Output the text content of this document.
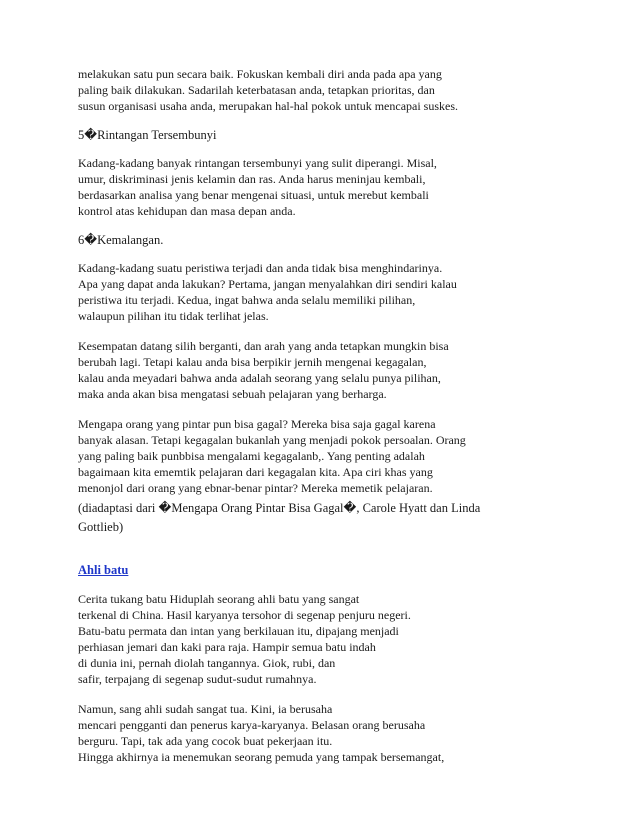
melakukan satu pun secara baik. Fokuskan kembali diri anda pada apa yang
paling baik dilakukan. Sadarilah keterbatasan anda, tetapkan prioritas, dan
susun organisasi usaha anda, merupakan hal-hal pokok untuk mencapai suskes.

5�Rintangan Tersembunyi

Kadang-kadang banyak rintangan tersembunyi yang sulit diperangi. Misal,
umur, diskriminasi jenis kelamin dan ras. Anda harus meninjau kembali,
berdasarkan analisa yang benar mengenai situasi, untuk merebut kembali
kontrol atas kehidupan dan masa depan anda.

6�Kemalangan.

Kadang-kadang suatu peristiwa terjadi dan anda tidak bisa menghindarinya.
Apa yang dapat anda lakukan? Pertama, jangan menyalahkan diri sendiri kalau
peristiwa itu terjadi. Kedua, ingat bahwa anda selalu memiliki pilihan,
walaupun pilihan itu tidak terlihat jelas.

Kesempatan datang silih berganti, dan arah yang anda tetapkan mungkin bisa
berubah lagi. Tetapi kalau anda bisa berpikir jernih mengenai kegagalan,
kalau anda meyadari bahwa anda adalah seorang yang selalu punya pilihan,
maka anda akan bisa mengatasi sebuah pelajaran yang berharga.

Mengapa orang yang pintar pun bisa gagal? Mereka bisa saja gagal karena
banyak alasan. Tetapi kegagalan bukanlah yang menjadi pokok persoalan. Orang
yang paling baik punbbisa mengalami kegagalanb,. Yang penting adalah
bagaimaan kita ememtik pelajaran dari kegagalan kita. Apa ciri khas yang
menonjol dari orang yang ebnar-benar pintar? Mereka memetik pelajaran.

(diadaptasi dari �Mengapa Orang Pintar Bisa Gagal�, Carole Hyatt dan Linda
Gottlieb)

Ahli batu

Cerita tukang batu Hiduplah seorang ahli batu yang sangat
terkenal di China. Hasil karyanya tersohor di segenap penjuru negeri.
Batu-batu permata dan intan yang berkilauan itu, dipajang menjadi
perhiasan jemari dan kaki para raja. Hampir semua batu indah
di dunia ini, pernah diolah tangannya. Giok, rubi, dan
safir, terpajang di segenap sudut-sudut rumahnya.

Namun, sang ahli sudah sangat tua. Kini, ia berusaha
mencari pengganti dan penerus karya-karyanya. Belasan orang berusaha
berguru. Tapi, tak ada yang cocok buat pekerjaan itu.
Hingga akhirnya ia menemukan seorang pemuda yang tampak bersemangat,
